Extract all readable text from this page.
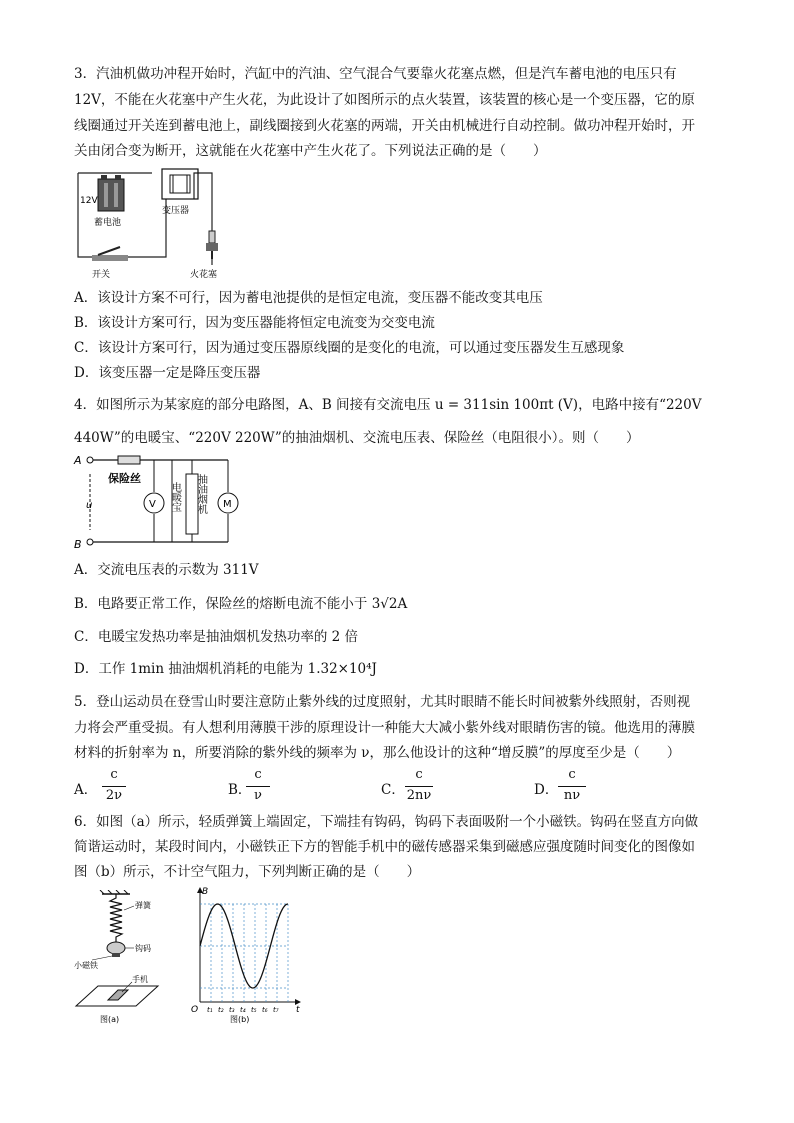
3．汽油机做功冲程开始时，汽缸中的汽油、空气混合气要靠火花塞点燃，但是汽车蓄电池的电压只有
12V，不能在火花塞中产生火花，为此设计了如图所示的点火装置，该装置的核心是一个变压器，它的原
线圈通过开关连到蓄电池上，副线圈接到火花塞的两端，开关由机械进行自动控制。做功冲程开始时，开
关由闭合变为断开，这就能在火花塞中产生火花了。下列说法正确的是（　　）
12V
蓄电池
变压器
开关	火花塞
A．该设计方案不可行，因为蓄电池提供的是恒定电流，变压器不能改变其电压
B．该设计方案可行，因为变压器能将恒定电流变为交变电流
C．该设计方案可行，因为通过变压器原线圈的是变化的电流，可以通过变压器发生互感现象
D．该变压器一定是降压变压器
4．如图所示为某家庭的部分电路图，A、B 间接有交流电压 u = 311sin 100πt (V)，电路中接有“220V
440W”的电暖宝、“220V 220W”的抽油烟机、交流电压表、保险丝（电阻很小）。则（　　）
A
B
保险丝
u	V 电暖宝 抽油烟机 M
A．交流电压表的示数为 311V
B．电路要正常工作，保险丝的熔断电流不能小于 3√2A
C．电暖宝发热功率是抽油烟机发热功率的 2 倍
D．工作 1min 抽油烟机消耗的电能为 1.32×10⁴J
5．登山运动员在登雪山时要注意防止紫外线的过度照射，尤其时眼睛不能长时间被紫外线照射，否则视
力将会严重受损。有人想利用薄膜干涉的原理设计一种能大大减小紫外线对眼睛伤害的镜。他选用的薄膜
材料的折射率为 n，所要消除的紫外线的频率为 ν，那么他设计的这种“增反膜”的厚度至少是（　　）
A．
c
2ν	B．
c
ν	C．
c
2nν	D．
c
nν
6．如图（a）所示，轻质弹簧上端固定，下端挂有钩码，钩码下表面吸附一个小磁铁。钩码在竖直方向做
简谐运动时，某段时间内，小磁铁正下方的智能手机中的磁传感器采集到磁感应强度随时间变化的图像如
图（b）所示，不计空气阻力，下列判断正确的是（　　）
弹簧
钩码
小磁铁
手机
图(a)
B
t
O t₁ t₂ t₃ t₄ t₅ t₆ t₇
图(b)
